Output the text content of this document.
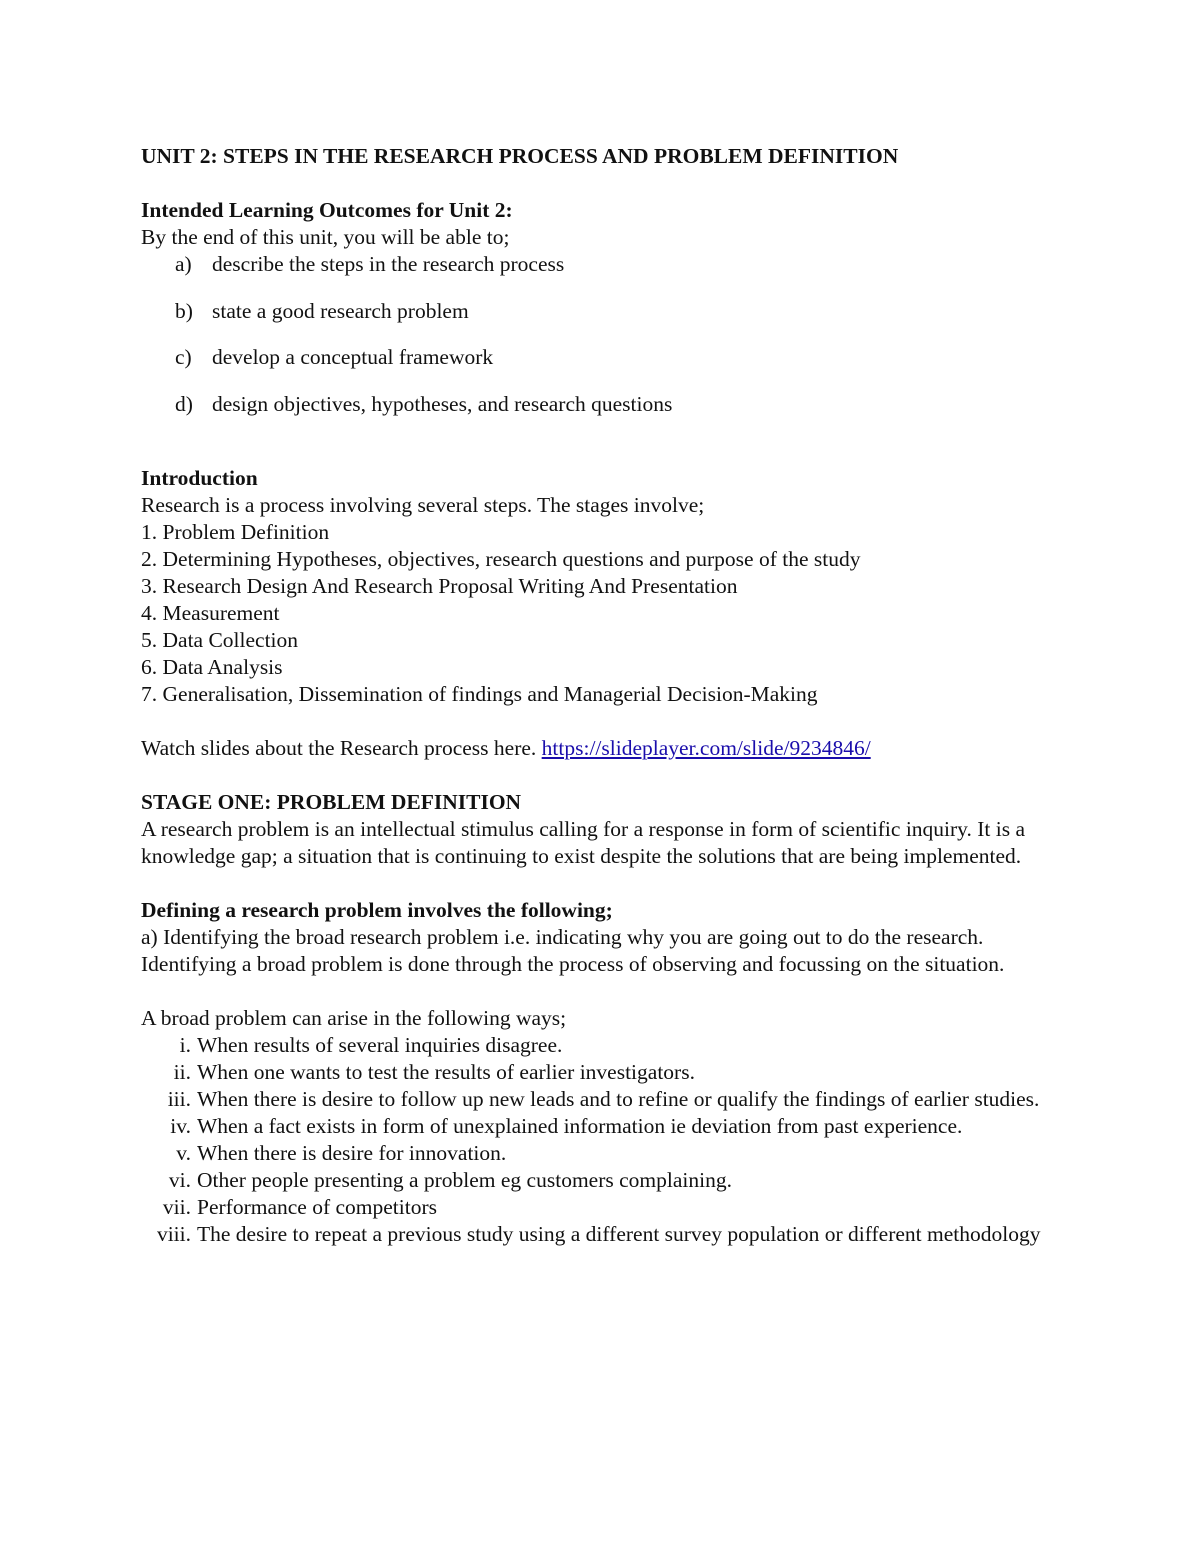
UNIT 2: STEPS IN THE RESEARCH PROCESS AND PROBLEM DEFINITION

Intended Learning Outcomes for Unit 2:

By the end of this unit, you will be able to;

a) describe the steps in the research process
b) state a good research problem
c) develop a conceptual framework
d) design objectives, hypotheses, and research questions

Introduction

Research is a process involving several steps. The stages involve;

1. Problem Definition
2. Determining Hypotheses, objectives, research questions and purpose of the study
3. Research Design And Research Proposal Writing And Presentation
4. Measurement
5. Data Collection
6. Data Analysis
7. Generalisation, Dissemination of findings and Managerial Decision-Making

Watch slides about the Research process here. https://slideplayer.com/slide/9234846/

STAGE ONE: PROBLEM DEFINITION

A research problem is an intellectual stimulus calling for a response in form of scientific inquiry. It is a knowledge gap; a situation that is continuing to exist despite the solutions that are being implemented.

Defining a research problem involves the following;

a) Identifying the broad research problem i.e. indicating why you are going out to do the research.

Identifying a broad problem is done through the process of observing and focussing on the situation.

A broad problem can arise in the following ways;

i. When results of several inquiries disagree.
ii. When one wants to test the results of earlier investigators.
iii. When there is desire to follow up new leads and to refine or qualify the findings of earlier studies.
iv. When a fact exists in form of unexplained information ie deviation from past experience.
v. When there is desire for innovation.
vi. Other people presenting a problem eg customers complaining.
vii. Performance of competitors
viii. The desire to repeat a previous study using a different survey population or different methodology
